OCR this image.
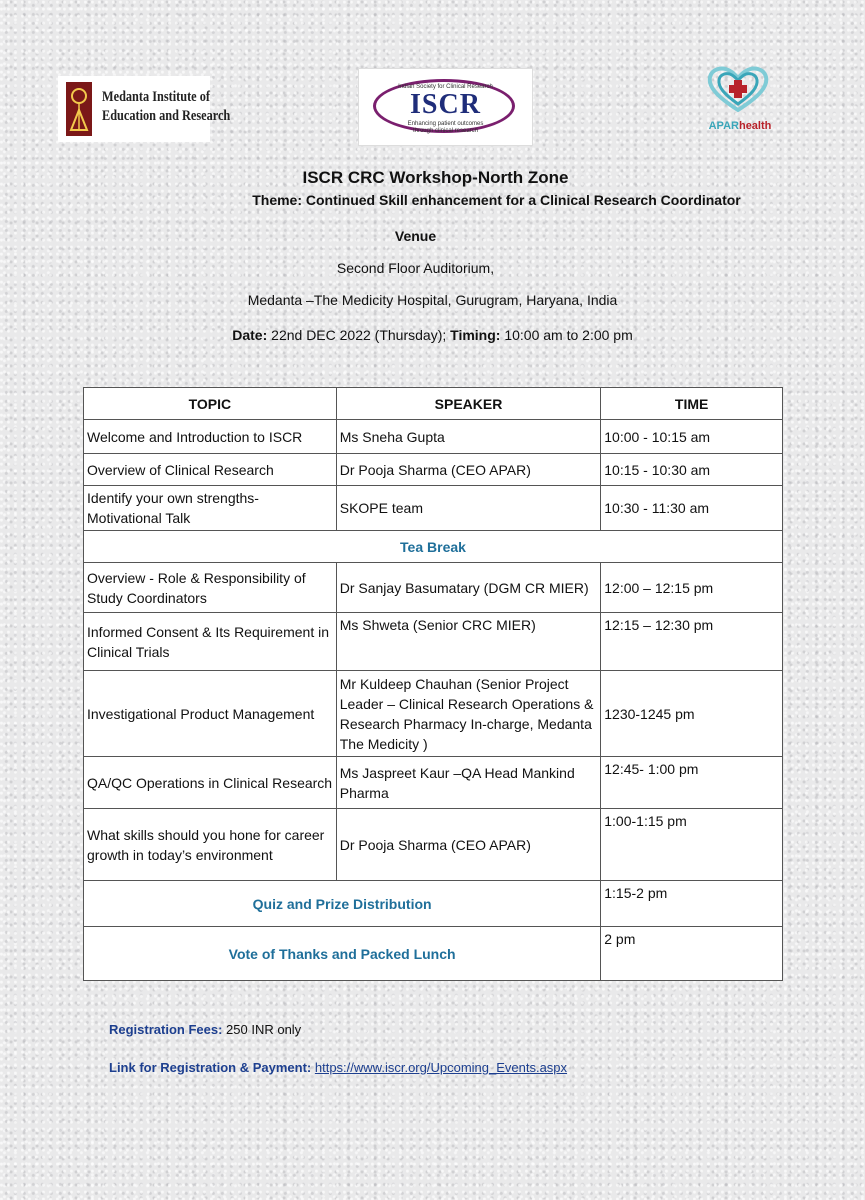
Medanta Institute of
Education and Research
Indian Society for Clinical Research
ISCR
Enhancing patient outcomes through clinical research	APARhealth
ISCR CRC Workshop-North Zone
Theme: Continued Skill enhancement for a Clinical Research Coordinator
Venue
Second Floor Auditorium,
Medanta –The Medicity Hospital, Gurugram, Haryana, India
Date: 22nd DEC 2022 (Thursday); Timing: 10:00 am to 2:00 pm
TOPIC	SPEAKER	TIME
Welcome and Introduction to ISCR	Ms Sneha Gupta	10:00 - 10:15 am
Overview of Clinical Research	Dr Pooja Sharma (CEO APAR)	10:15 - 10:30 am
Identify your own strengths-Motivational Talk	SKOPE team	10:30 - 11:30 am
Tea Break		
Overview - Role & Responsibility of Study Coordinators	Dr Sanjay Basumatary (DGM CR MIER)	12:00 – 12:15 pm
Informed Consent & Its Requirement in Clinical Trials	Ms Shweta (Senior CRC MIER)	12:15 – 12:30 pm
Investigational Product Management	Mr Kuldeep Chauhan (Senior Project Leader – Clinical Research Operations & Research Pharmacy In-charge, Medanta The Medicity )	1230-1245 pm
QA/QC Operations in Clinical Research	Ms Jaspreet Kaur –QA Head Mankind Pharma	12:45- 1:00 pm
What skills should you hone for career growth in today’s environment	Dr Pooja Sharma (CEO APAR)	1:00-1:15 pm
Quiz and Prize Distribution		1:15-2 pm
Vote of Thanks and Packed Lunch		2 pm
Registration Fees: 250 INR only
Link for Registration & Payment: https://www.iscr.org/Upcoming_Events.aspx
